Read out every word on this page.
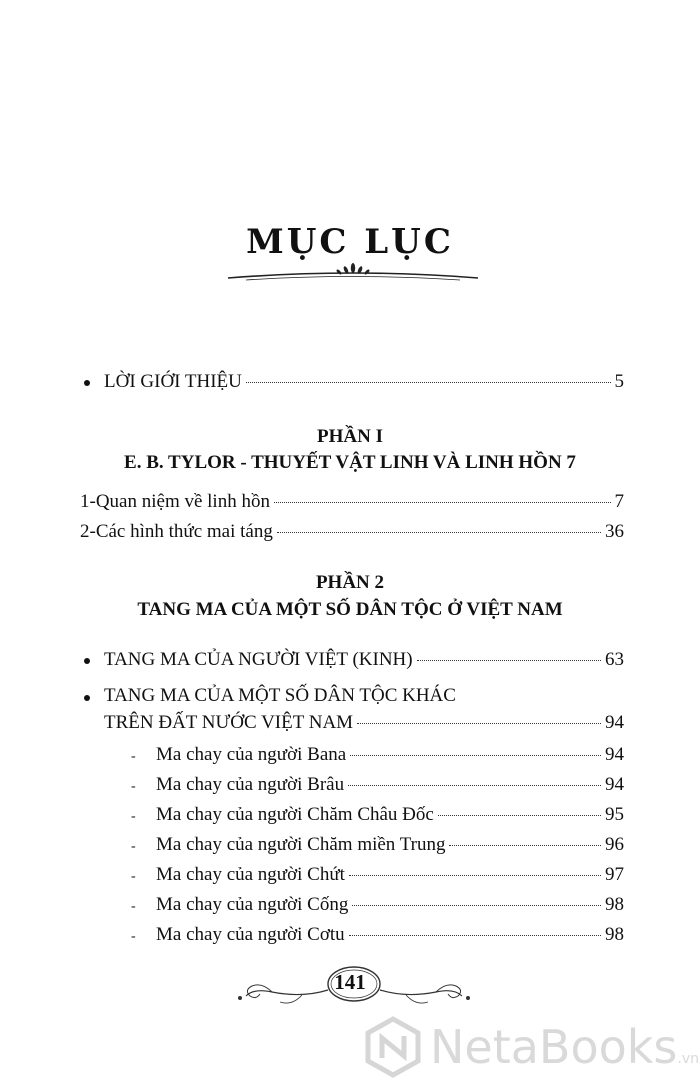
MỤC LỤC
LỜI GIỚI THIỆU	5
PHẦN I
E. B. TYLOR - THUYẾT VẬT LINH VÀ LINH HỒN 7
1-Quan niệm về linh hồn	7
2-Các hình thức mai táng	36
PHẦN 2
TANG MA CỦA MỘT SỐ DÂN TỘC Ở VIỆT NAM
TANG MA CỦA NGƯỜI VIỆT (KINH)	63
TANG MA CỦA MỘT SỐ DÂN TỘC KHÁC
TRÊN ĐẤT NƯỚC VIỆT NAM	94
- Ma chay của người Bana	94
- Ma chay của người Brâu	94
- Ma chay của người Chăm Châu Đốc	95
- Ma chay của người Chăm miền Trung	96
- Ma chay của người Chứt	97
- Ma chay của người Cống	98
- Ma chay của người Cơtu	98
141
NetaBooks.vn
